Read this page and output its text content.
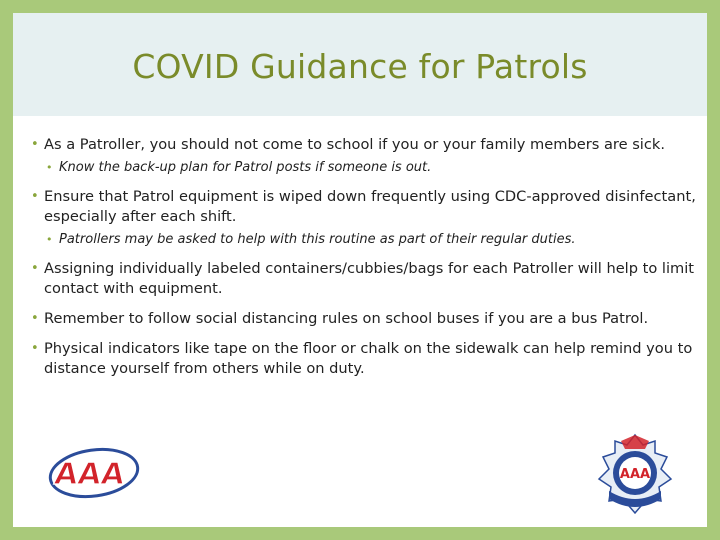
COVID Guidance for Patrols
• As a Patroller, you should not come to school if you or your family members are sick.
• Know the back-up plan for Patrol posts if someone is out.
• Ensure that Patrol equipment is wiped down frequently using CDC-approved disinfectant, especially after each shift.
• Patrollers may be asked to help with this routine as part of their regular duties.
• Assigning individually labeled containers/cubbies/bags for each Patroller will help to limit contact with equipment.
• Remember to follow social distancing rules on school buses if you are a bus Patrol.
• Physical indicators like tape on the floor or chalk on the sidewalk can help remind you to distance yourself from others while on duty.
AAA	AAA
